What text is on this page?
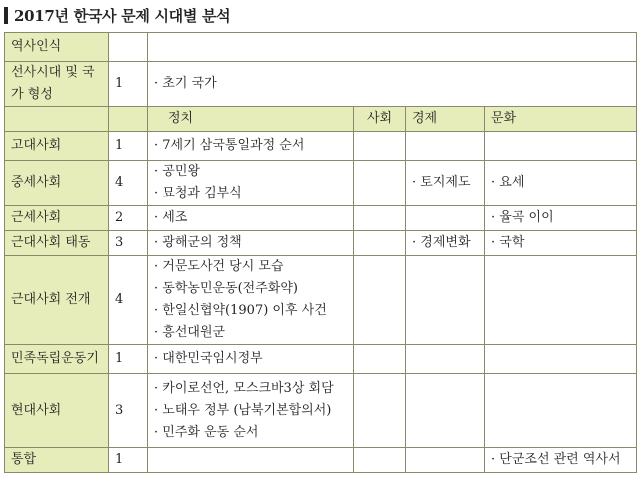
2017년 한국사 문제 시대별 분석
역사인식					
선사시대 및 국가 형성	1	· 초기 국가			

		정치	사회	경제	문화
고대사회	1	· 7세기 삼국통일과정 순서			

중세사회	4	· 공민왕
· 묘청과 김부식		· 토지제도	· 요세

근세사회	2	· 세조			· 율곡 이이

근대사회 태동	3	· 광해군의 정책		· 경제변화	· 국학

근대사회 전개	4	· 거문도사건 당시 모습
· 동학농민운동(전주화약)
· 한일신협약(1907) 이후 사건
· 흥선대원군			

민족독립운동기	1	· 대한민국임시정부			

현대사회	3	· 카이로선언, 모스크바3상 회담
· 노태우 정부 (남북기본합의서)
· 민주화 운동 순서			

통합	1				· 단군조선 관련 역사서
